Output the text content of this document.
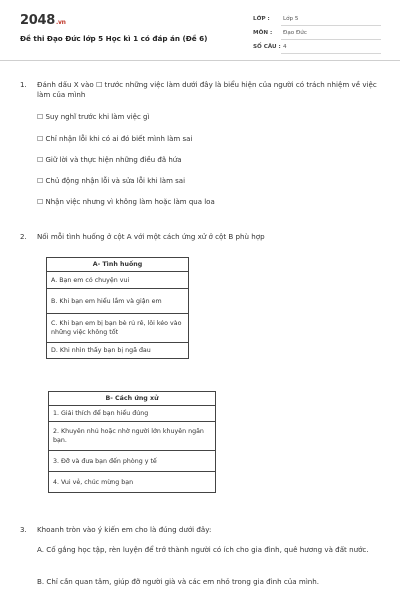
2048.vn
Đề thi Đạo Đức lớp 5 Học kì 1 có đáp án (Đề 6)
LỚP : Lớp 5
MÔN : Đạo Đức
SỐ CÂU : 4
1. Đánh dấu X vào ☐ trước những việc làm dưới đây là biểu hiện của người có trách nhiệm về việc làm của mình
☐ Suy nghĩ trước khi làm việc gì
☐ Chỉ nhận lỗi khi có ai đó biết mình làm sai
☐ Giữ lời và thực hiện những điều đã hứa
☐ Chủ động nhận lỗi và sửa lỗi khi làm sai
☐ Nhận việc nhưng vì không làm hoặc làm qua loa
2. Nối mỗi tình huống ở cột A với một cách ứng xử ở cột B phù hợp
A- Tình huống
A. Bạn em có chuyện vui
B. Khi bạn em hiểu lầm và giận em
C. Khi bạn em bị bạn bè rủ rê, lôi kéo vào những việc không tốt
D. Khi nhìn thấy bạn bị ngã đau
B- Cách ứng xử
1. Giải thích để bạn hiểu đúng
2. Khuyên nhủ hoặc nhờ người lớn khuyên ngăn bạn.
3. Đỡ và đưa bạn đến phòng y tế
4. Vui vẻ, chúc mừng bạn
3. Khoanh tròn vào ý kiến em cho là đúng dưới đây:
A. Cố gắng học tập, rèn luyện để trở thành người có ích cho gia đình, quê hương và đất nước.
B. Chỉ cần quan tâm, giúp đỡ người già và các em nhỏ trong gia đình của mình.
